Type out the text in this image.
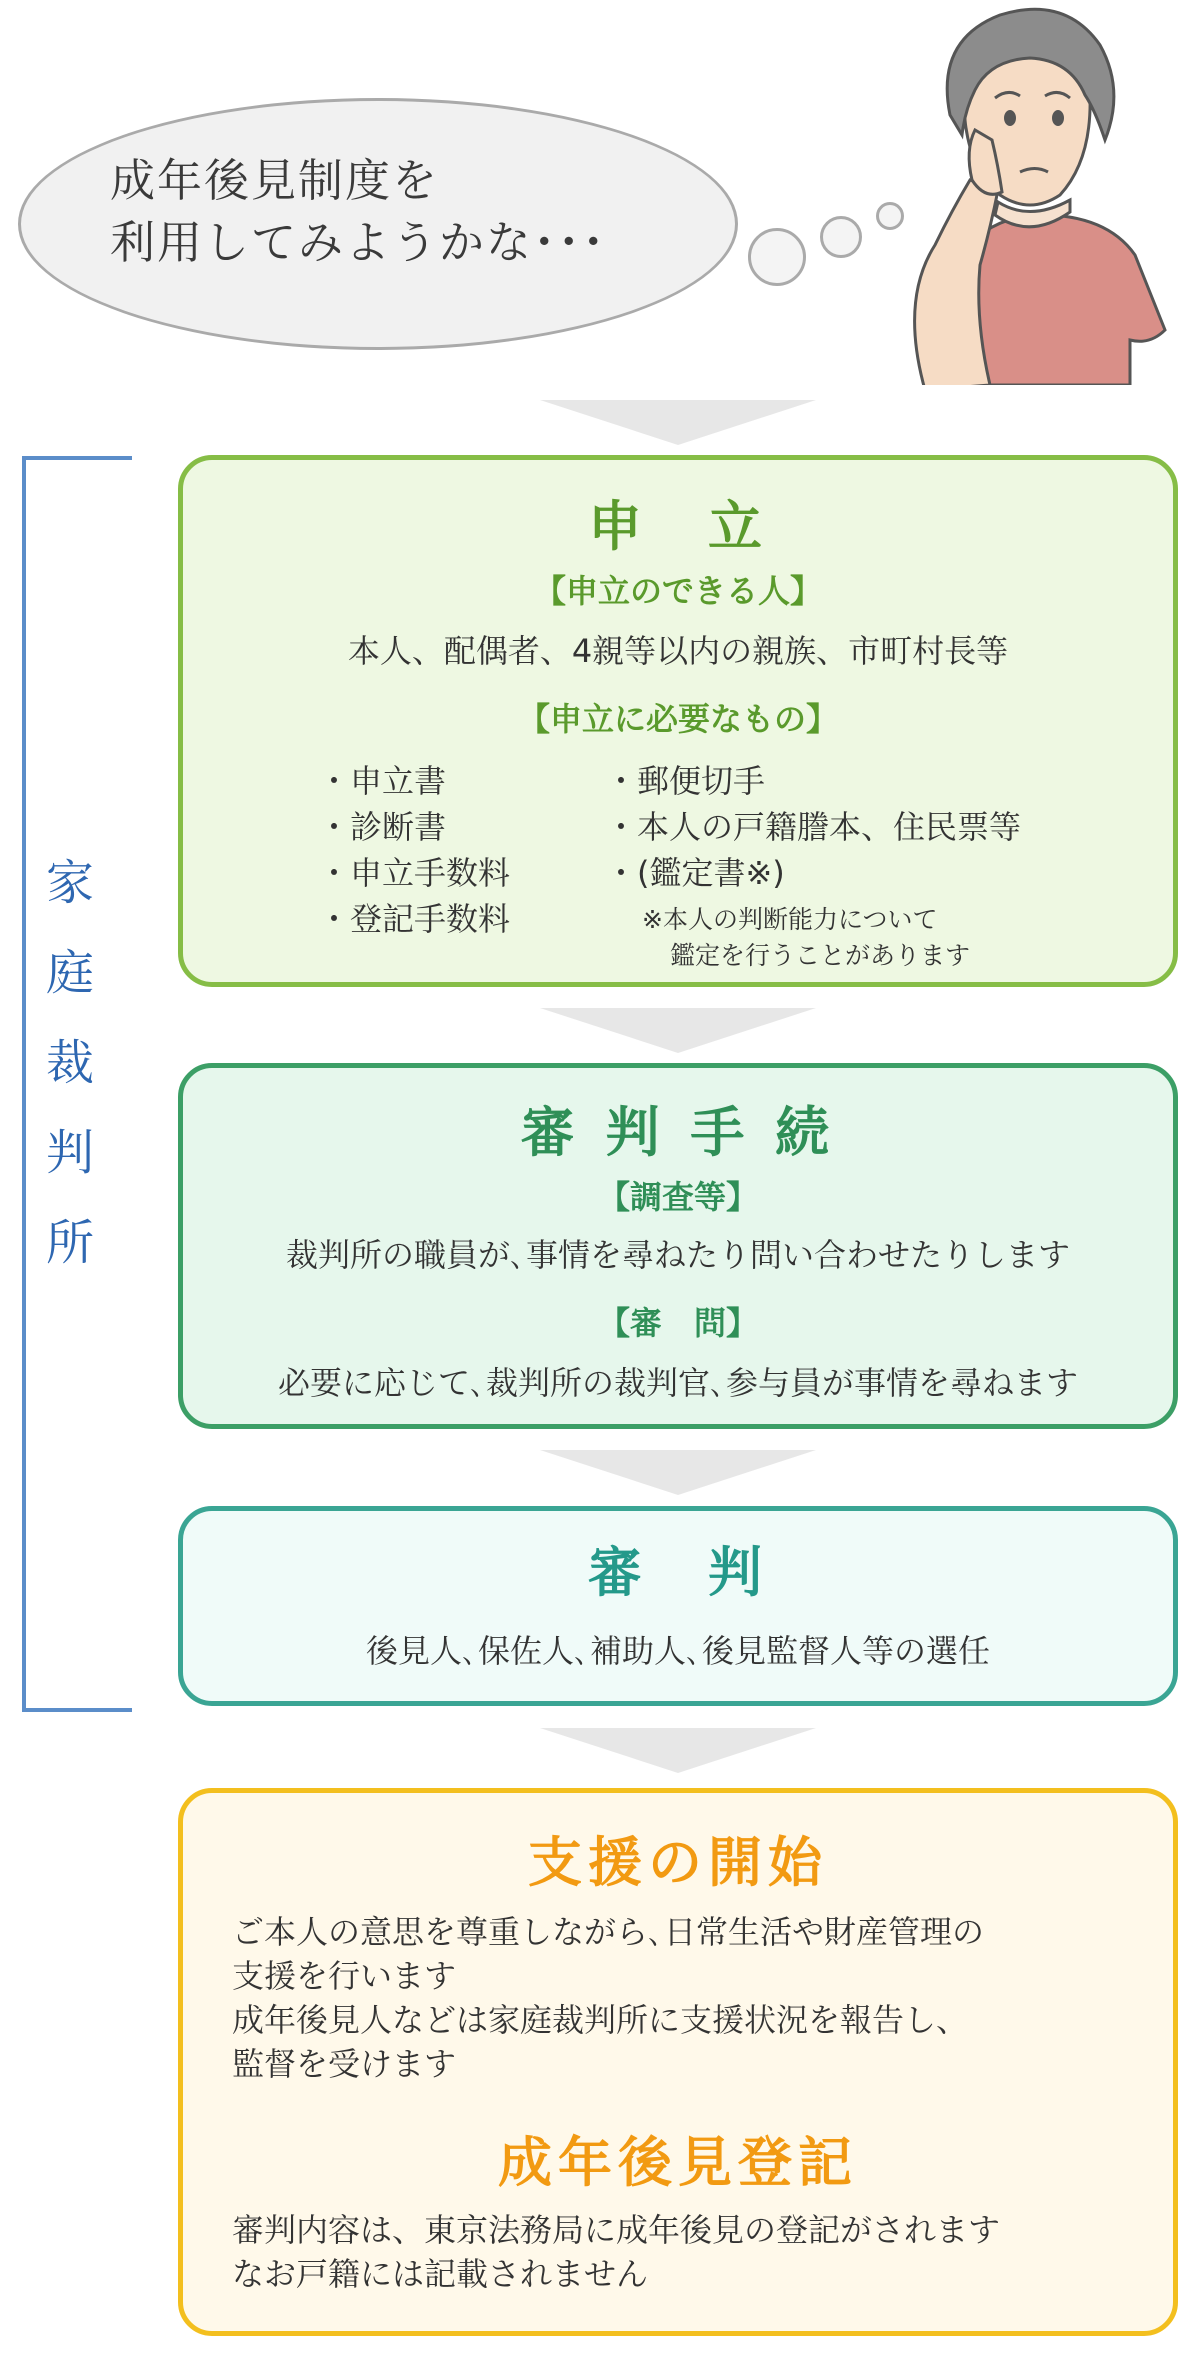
成年後見制度を
利用してみようかな･･･
家庭裁判所
申　立
【申立のできる人】
本人、配偶者、4親等以内の親族、市町村長等
【申立に必要なもの】
・申立書
・診断書
・申立手数料
・登記手数料
・郵便切手
・本人の戸籍謄本、住民票等
・(鑑定書※)
※本人の判断能力について
鑑定を行うことがあります
審 判 手 続
【調査等】
裁判所の職員が､事情を尋ねたり問い合わせたりします
【審　問】
必要に応じて､裁判所の裁判官､参与員が事情を尋ねます
審　判
後見人､保佐人､補助人､後見監督人等の選任
支援の開始
ご本人の意思を尊重しながら､日常生活や財産管理の
支援を行います
成年後見人などは家庭裁判所に支援状況を報告し、
監督を受けます
成年後見登記
審判内容は、東京法務局に成年後見の登記がされます
なお戸籍には記載されません
